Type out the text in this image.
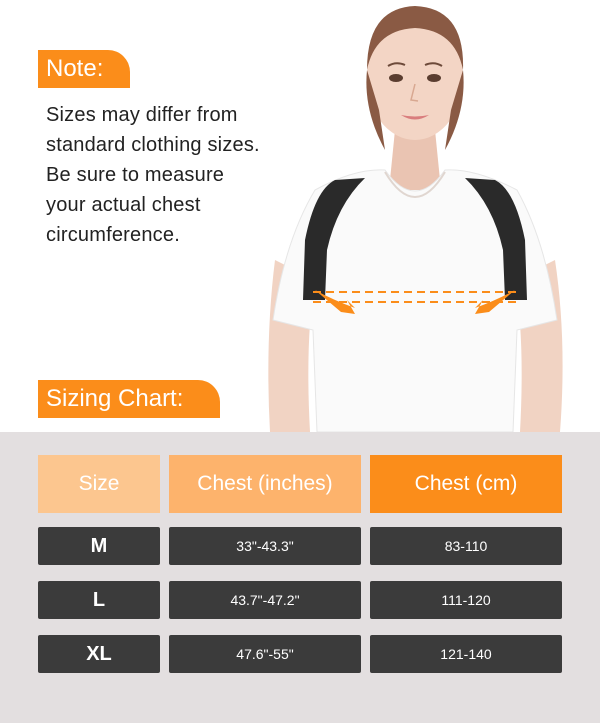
Note:
Sizes may differ from
standard clothing sizes.
Be sure to measure
your actual chest
circumference.
Sizing Chart:
Size	Chest (inches)	Chest (cm)
M	33"-43.3"	83-110
L	43.7"-47.2"	111-120
XL	47.6"-55"	121-140
